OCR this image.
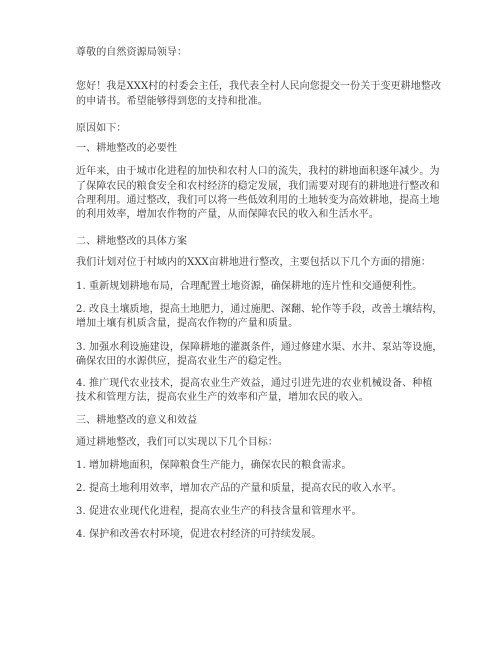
尊敬的自然资源局领导：
您好！我是XXX村的村委会主任，我代表全村人民向您提交一份关于变更耕地整改
的申请书。希望能够得到您的支持和批准。
原因如下：
一、耕地整改的必要性
近年来，由于城市化进程的加快和农村人口的流失，我村的耕地面积逐年减少。为
了保障农民的粮食安全和农村经济的稳定发展，我们需要对现有的耕地进行整改和
合理利用。通过整改，我们可以将一些低效利用的土地转变为高效耕地，提高土地
的利用效率，增加农作物的产量，从而保障农民的收入和生活水平。
二、耕地整改的具体方案
我们计划对位于村域内的XXX亩耕地进行整改，主要包括以下几个方面的措施：
1. 重新规划耕地布局，合理配置土地资源，确保耕地的连片性和交通便利性。
2. 改良土壤质地，提高土地肥力，通过施肥、深翻、轮作等手段，改善土壤结构，
增加土壤有机质含量，提高农作物的产量和质量。
3. 加强水利设施建设，保障耕地的灌溉条件，通过修建水渠、水井、泵站等设施，
确保农田的水源供应，提高农业生产的稳定性。
4. 推广现代农业技术，提高农业生产效益，通过引进先进的农业机械设备、种植
技术和管理方法，提高农业生产的效率和产量，增加农民的收入。
三、耕地整改的意义和效益
通过耕地整改，我们可以实现以下几个目标：
1. 增加耕地面积，保障粮食生产能力，确保农民的粮食需求。
2. 提高土地利用效率，增加农产品的产量和质量，提高农民的收入水平。
3. 促进农业现代化进程，提高农业生产的科技含量和管理水平。
4. 保护和改善农村环境，促进农村经济的可持续发展。
